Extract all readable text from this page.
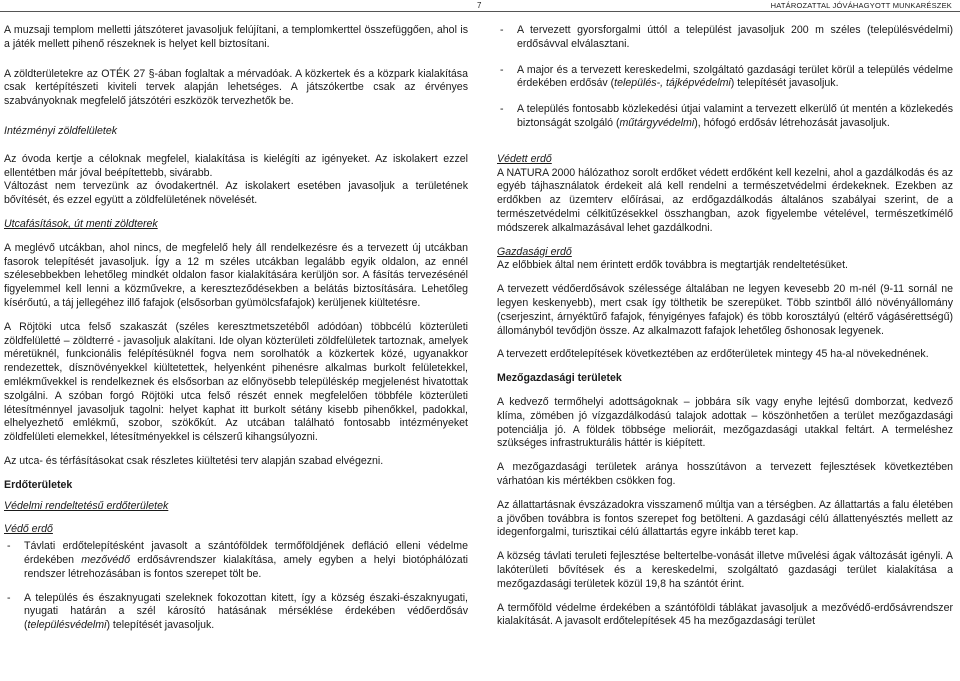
7	HATÁROZATTAL JÓVÁHAGYOTT MUNKARÉSZEK

A muzsaji templom melletti játszóteret javasoljuk felújítani, a templomkerttel összefüggően, ahol is a játék mellett pihenő részeknek is helyet kell biztosítani.

A zöldterületekre az OTÉK 27 §-ában foglaltak a mérvadóak. A közkertek és a közpark kialakítása csak kertépítészeti kiviteli tervek alapján lehetséges. A játszókertbe csak az érvényes szabványoknak megfelelő játszótéri eszközök tervezhetők be.

Intézményi zöldfelületek

Az óvoda kertje a céloknak megfelel, kialakítása is kielégíti az igényeket. Az iskolakert ezzel ellentétben már jóval beépítettebb, sivárabb.

Változást nem tervezünk az óvodakertnél. Az iskolakert esetében javasoljuk a területének bővítését, és ezzel együtt a zöldfelületének növelését.

Utcafásítások, út menti zöldterek

A meglévő utcákban, ahol nincs, de megfelelő hely áll rendelkezésre és a tervezett új utcákban fasorok telepítését javasoljuk. Így a 12 m széles utcákban legalább egyik oldalon, az ennél szélesebbekben lehetőleg mindkét oldalon fasor kialakítására kerüljön sor. A fásítás tervezésénél figyelemmel kell lenni a közművekre, a kereszteződésekben a belátás biztosítására. Lehetőleg kísérőutú, a táj jellegéhez illő fafajok (elsősorban gyümölcsfafajok) kerüljenek kiültetésre.

A Röjtöki utca felső szakaszát (széles keresztmetszetéből adódóan) többcélú közterületi zöldfelületté – zöldterré - javasoljuk alakítani. Ide olyan közterületi zöldfelületek tartoznak, amelyek méretüknél, funkcionális felépítésüknél fogva nem sorolhatók a közkertek közé, ugyanakkor rendezettek, dísznövényekkel kiültetettek, helyenként pihenésre alkalmas burkolt felületekkel, emlékművekkel is rendelkeznek és elsősorban az előnyösebb településkép megjelenést hivatottak szolgálni. A szóban forgó Röjtöki utca felső részét ennek megfelelően többféle közterületi létesítménnyel javasoljuk tagolni: helyet kaphat itt burkolt sétány kisebb pihenőkkel, padokkal, elhelyezhető emlékmű, szobor, szökőkút. Az utcában található fontosabb intézményeket zöldfelületi elemekkel, létesítményekkel is célszerű kihangsúlyozni.

Az utca- és térfásításokat csak részletes kiültetési terv alapján szabad elvégezni.

Erdőterületek

Védelmi rendeltetésű erdőterületek

Védő erdő

- Távlati erdőtelepítésként javasolt a szántóföldek termőföldjének defláció elleni védelme érdekében mezővédő erdősávrendszer kialakítása, amely egyben a helyi biotóphálózati rendszer létrehozásában is fontos szerepet tölt be.
- A település és északnyugati szeleknek fokozottan kitett, így a község északi-északnyugati, nyugati határán a szél károsító hatásának mérséklése érdekében védőerdősáv (településvédelmi) telepítését javasoljuk.
- A tervezett gyorsforgalmi úttól a települést javasoljuk 200 m széles (településvédelmi) erdősávval elválasztani.
- A major és a tervezett kereskedelmi, szolgáltató gazdasági terület körül a település védelme érdekében erdősáv (település-, tájképvédelmi) telepítését javasoljuk.
- A település fontosabb közlekedési útjai valamint a tervezett elkerülő út mentén a közlekedés biztonságát szolgáló (műtárgyvédelmi), hófogó erdősáv létrehozását javasoljuk.

Védett erdő

A NATURA 2000 hálózathoz sorolt erdőket védett erdőként kell kezelni, ahol a gazdálkodás és az egyéb tájhasználatok érdekeit alá kell rendelni a természetvédelmi érdekeknek. Ezekben az erdőkben az üzemterv előírásai, az erdőgazdálkodás általános szabályai szerint, de a természetvédelmi célkitűzésekkel összhangban, azok figyelembe vételével, természetkímélő módszerek alkalmazásával lehet gazdálkodni.

Gazdasági erdő

Az előbbiek által nem érintett erdők továbbra is megtartják rendeltetésüket.

A tervezett védőerdősávok szélessége általában ne legyen kevesebb 20 m-nél (9-11 sornál ne legyen keskenyebb), mert csak így tölthetik be szerepüket. Több szintből álló növényállomány (cserjeszint, árnyéktűrő fafajok, fényigényes fafajok) és több korosztályú (eltérő vágásérettségű) állományból tevődjön össze. Az alkalmazott fafajok lehetőleg őshonosak legyenek.

A tervezett erdőtelepítések következtében az erdőterületek mintegy 45 ha-al növekednének.

Mezőgazdasági területek

A kedvező termőhelyi adottságoknak – jobbára sík vagy enyhe lejtésű domborzat, kedvező klíma, zömében jó vízgazdálkodású talajok adottak – köszönhetően a terület mezőgazdasági potenciálja jó. A földek többsége melioráit, mezőgazdasági utakkal feltárt. A termeléshez szükséges infrastrukturális háttér is kiépített.

A mezőgazdasági területek aránya hosszútávon a tervezett fejlesztések következtében várhatóan kis mértékben csökken fog.

Az állattartásnak évszázadokra visszamenő múltja van a térségben. Az állattartás a falu életében a jövőben továbbra is fontos szerepet fog betölteni. A gazdasági célú állattenyésztés mellett az idegenforgalmi, turisztikai célú állattartás egyre inkább teret kap.

A község távlati teruleti fejlesztése beltertelbe-vonását illetve művelési ágak változását igényli. A lakóterületi bővítések és a kereskedelmi, szolgáltató gazdasági terület kialakítása a mezőgazdasági területek közül 19,8 ha szántót érint.

A termőföld védelme érdekében a szántóföldi táblákat javasoljuk a mezővédő-erdősávrendszer kialakítását. A javasolt erdőtelepítések 45 ha mezőgazdasági terület
